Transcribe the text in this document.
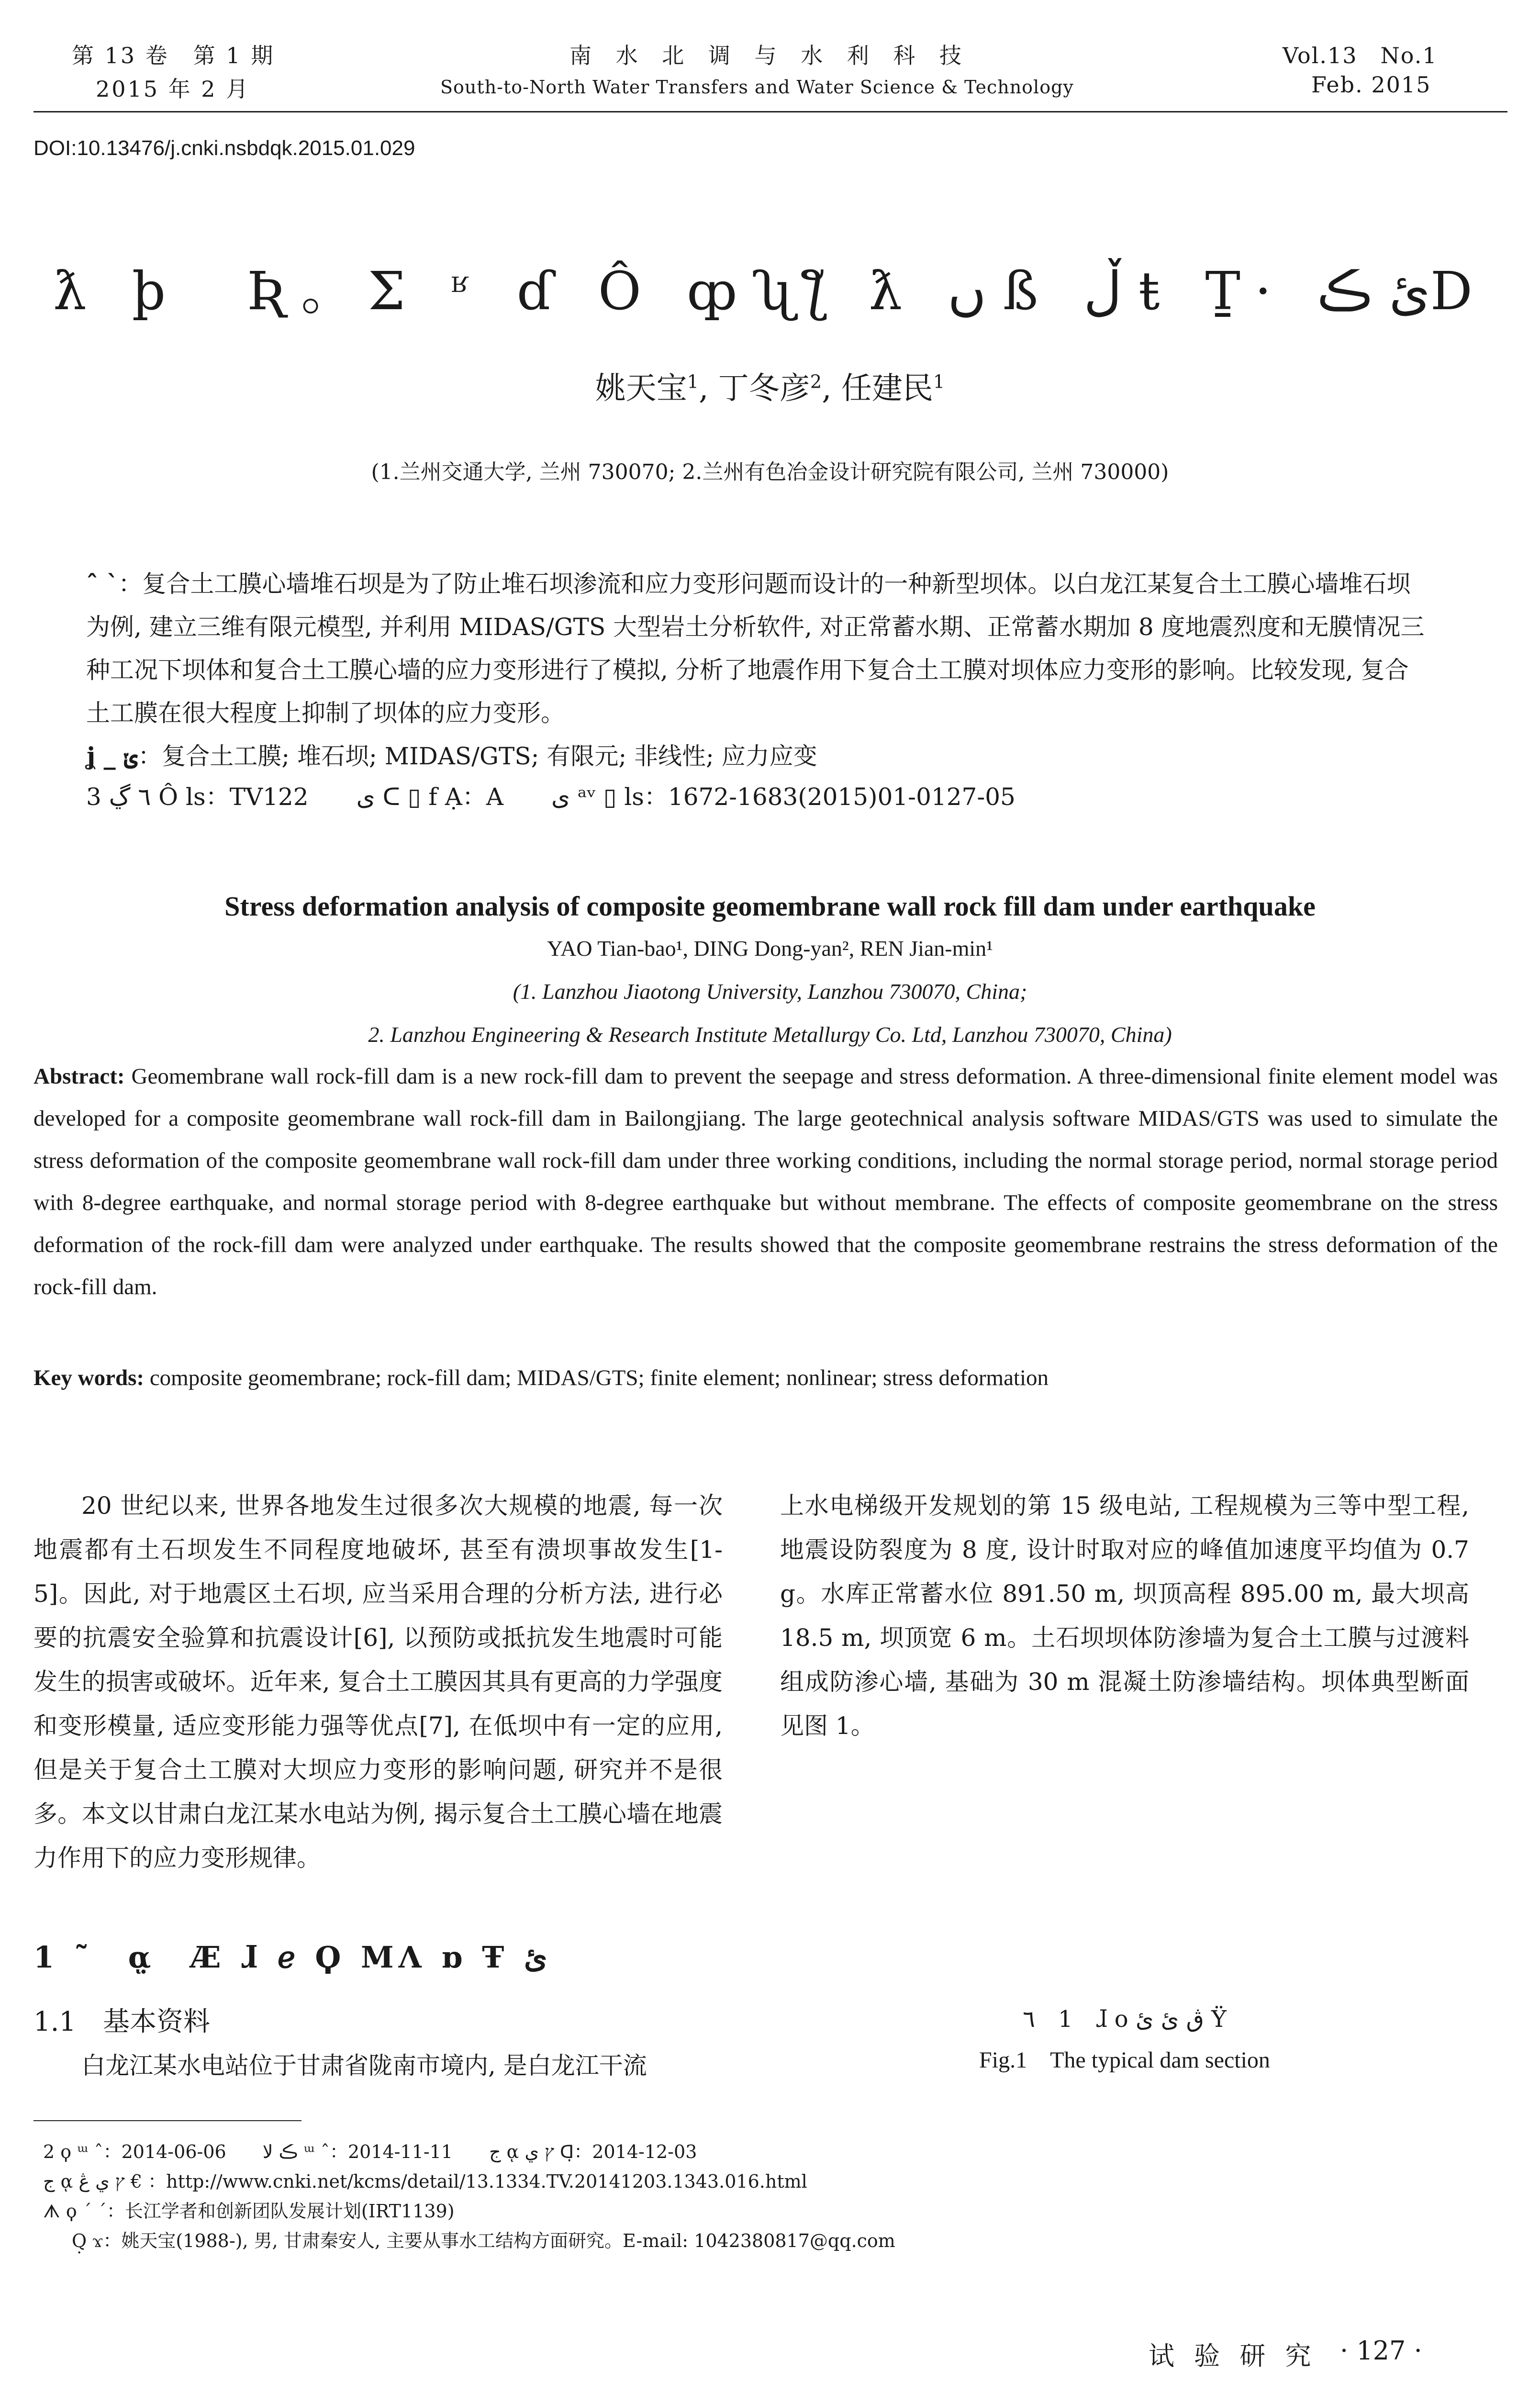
第 13 卷　第 1 期
2015 年 2 月
南 水 北 调 与 水 利 科 技
South-to-North Water Transfers and Water Science & Technology
Vol.13　No.1
Feb. 2015
DOI:10.13476/j.cnki.nsbdqk.2015.01.029
ƛ þ　Ʀ。Σ ʶ ɗ Ô ȹʯƪ ƛ ں ß ڵ ŧ Ṯ· ئ ڪD
姚天宝$^1$, 丁冬彦$^2$, 任建民$^1$
(1.兰州交通大学, 兰州 730070; 2.兰州有色冶金设计研究院有限公司, 兰州 730000)
ˆ ˋ：复合土工膜心墙堆石坝是为了防止堆石坝渗流和应力变形问题而设计的一种新型坝体。以白龙江某复合土工膜心墙堆石坝为例, 建立三维有限元模型, 并利用 MIDAS/GTS 大型岩土分析软件, 对正常蓄水期、正常蓄水期加 8 度地震烈度和无膜情况三种工况下坝体和复合土工膜心墙的应力变形进行了模拟, 分析了地震作用下复合土工膜对坝体应力变形的影响。比较发现, 复合土工膜在很大程度上抑制了坝体的应力变形。
ʝ _ ݵ：复合土工膜; 堆石坝; MIDAS/GTS; 有限元; 非线性; 应力应变
3 ٦ ڲ Ô ls：TV122　　ی ᑕ ▯ f Ạ：A　　ی ᵃᵛ ▯ ls：1672-1683(2015)01-0127-05
Stress deformation analysis of composite geomembrane wall rock fill dam under earthquake
YAO Tian-bao¹, DING Dong-yan², REN Jian-min¹
(1. Lanzhou Jiaotong University, Lanzhou 730070, China;
2. Lanzhou Engineering & Research Institute Metallurgy Co. Ltd, Lanzhou 730070, China)
Abstract: Geomembrane wall rock-fill dam is a new rock-fill dam to prevent the seepage and stress deformation. A three-dimensional finite element model was developed for a composite geomembrane wall rock-fill dam in Bailongjiang. The large geotechnical analysis software MIDAS/GTS was used to simulate the stress deformation of the composite geomembrane wall rock-fill dam under three working conditions, including the normal storage period, normal storage period with 8-degree earthquake, and normal storage period with 8-degree earthquake but without membrane. The effects of composite geomembrane on the stress deformation of the rock-fill dam were analyzed under earthquake. The results showed that the composite geomembrane restrains the stress deformation of the rock-fill dam.
Key words: composite geomembrane; rock-fill dam; MIDAS/GTS; finite element; nonlinear; stress deformation
20 世纪以来, 世界各地发生过很多次大规模的地震, 每一次地震都有土石坝发生不同程度地破坏, 甚至有溃坝事故发生[1-5]。因此, 对于地震区土石坝, 应当采用合理的分析方法, 进行必要的抗震安全验算和抗震设计[6], 以预防或抵抗发生地震时可能发生的损害或破坏。近年来, 复合土工膜因其具有更高的力学强度和变形模量, 适应变形能力强等优点[7], 在低坝中有一定的应用, 但是关于复合土工膜对大坝应力变形的影响问题, 研究并不是很多。本文以甘肃白龙江某水电站为例, 揭示复合土工膜心墙在地震力作用下的应力变形规律。
1 ˜　ᾳ̣　Æ ɺ ℯ Ϙ MɅ ɒ Ŧ ئ
1.1　基本资料
白龙江某水电站位于甘肃省陇南市境内, 是白龙江干流
上水电梯级开发规划的第 15 级电站, 工程规模为三等中型工程, 地震设防裂度为 8 度, 设计时取对应的峰值加速度平均值为 0.7 g。水库正常蓄水位 891.50 m, 坝顶高程 895.00 m, 最大坝高 18.5 m, 坝顶宽 6 m。土石坝坝体防渗墙为复合土工膜与过渡料组成防渗心墙, 基础为 30 m 混凝土防渗墙结构。坝体典型断面见图 1。
٦　1　ɺ o ڨ ئ ئ Ÿ
Fig.1　The typical dam section
2 ϙ ᵚ ˆ：2014-06-06　　ڪ ﻻ ᵚ ˆ：2014-11-11　　ج ᾳ ץ ي ᗡ̣：2014-12-03
ج ᾳ ץ ي ڠ € ：http://www.cnki.net/kcms/detail/13.1334.TV.20141203.1343.016.html
ᗑ ϙ ˊ ˊ：长江学者和创新团队发展计划(IRT1139)
Q̣ ϫ：姚天宝(1988-), 男, 甘肃秦安人, 主要从事水工结构方面研究。E-mail: 1042380817@qq.com
试 验 研 究 · 127 ·
